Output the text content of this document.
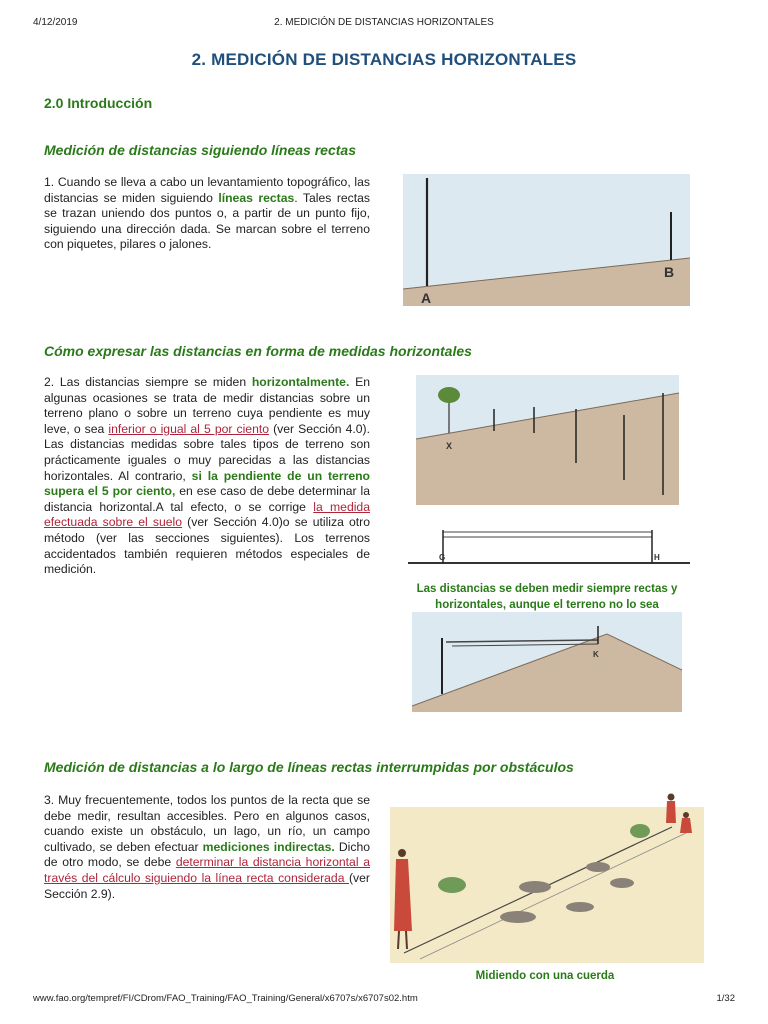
4/12/2019	2. MEDICIÓN DE DISTANCIAS HORIZONTALES
2. MEDICIÓN DE DISTANCIAS HORIZONTALES
2.0 Introducción
Medición de distancias siguiendo líneas rectas
1. Cuando se lleva a cabo un levantamiento topográfico, las distancias se miden siguiendo líneas rectas. Tales rectas se trazan uniendo dos puntos o, a partir de un punto fijo, siguiendo una dirección dada. Se marcan sobre el terreno con piquetes, pilares o jalones.
A
B
Cómo expresar las distancias en forma de medidas horizontales
2. Las distancias siempre se miden horizontalmente. En algunas ocasiones se trata de medir distancias sobre un terreno plano o sobre un terreno cuya pendiente es muy leve, o sea inferior o igual al 5 por ciento (ver Sección 4.0). Las distancias medidas sobre tales tipos de terreno son prácticamente iguales o muy parecidas a las distancias horizontales. Al contrario, si la pendiente de un terreno supera el 5 por ciento, en ese caso de debe determinar la distancia horizontal.A tal efecto, o se corrige la medida efectuada sobre el suelo (ver Sección 4.0)o se utiliza otro método (ver las secciones siguientes). Los terrenos accidentados también requieren métodos especiales de medición.
X
G	H
Las distancias se deben medir siempre rectas y horizontales, aunque el terreno no lo sea
K
Medición de distancias a lo largo de líneas rectas interrumpidas por obstáculos
3. Muy frecuentemente, todos los puntos de la recta que se debe medir, resultan accesibles. Pero en algunos casos, cuando existe un obstáculo, un lago, un río, un campo cultivado, se deben efectuar mediciones indirectas. Dicho de otro modo, se debe determinar la distancia horizontal a través del cálculo siguiendo la línea recta considerada (ver Sección 2.9).
Midiendo con una cuerda
www.fao.org/tempref/FI/CDrom/FAO_Training/FAO_Training/General/x6707s/x6707s02.htm	1/32
